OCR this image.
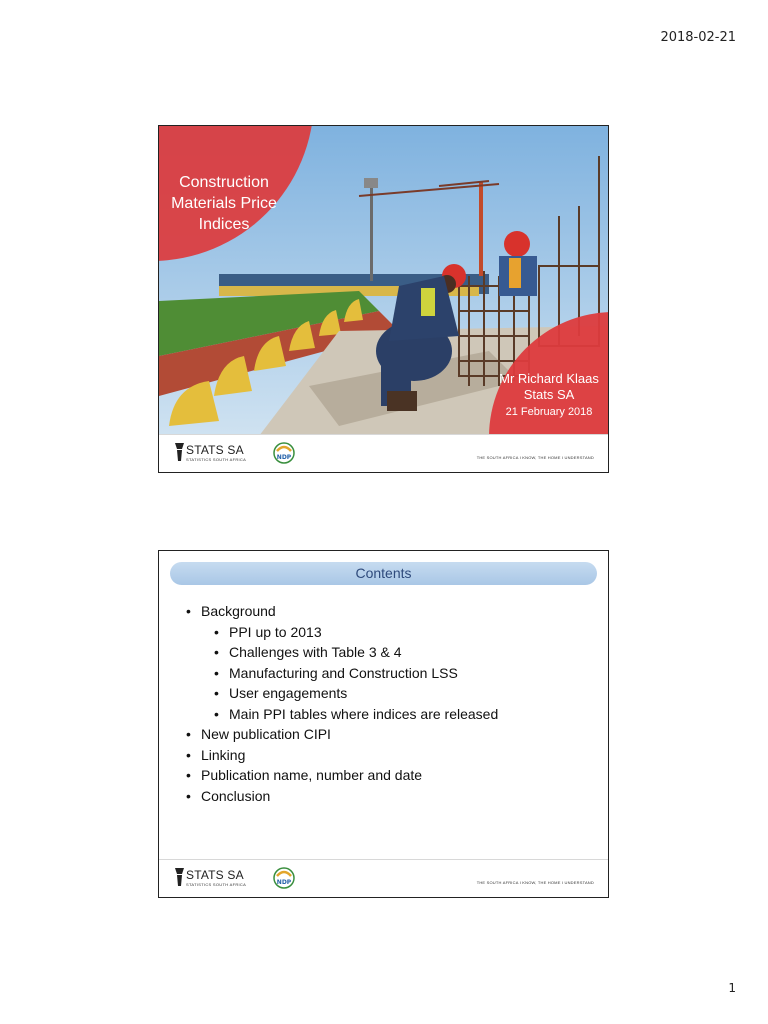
2018-02-21
Construction
Materials Price
Indices
Mr Richard Klaas
Stats SA
21 February 2018
STATS SA
STATISTICS SOUTH AFRICA	NDP	THE SOUTH AFRICA I KNOW, THE HOME I UNDERSTAND
Contents
• Background
• PPI up to 2013
• Challenges with Table 3 & 4
• Manufacturing and Construction LSS
• User engagements
• Main PPI tables where indices are released
• New publication CIPI
• Linking
• Publication name, number and date
• Conclusion
STATS SA
STATISTICS SOUTH AFRICA	NDP	THE SOUTH AFRICA I KNOW, THE HOME I UNDERSTAND
1
